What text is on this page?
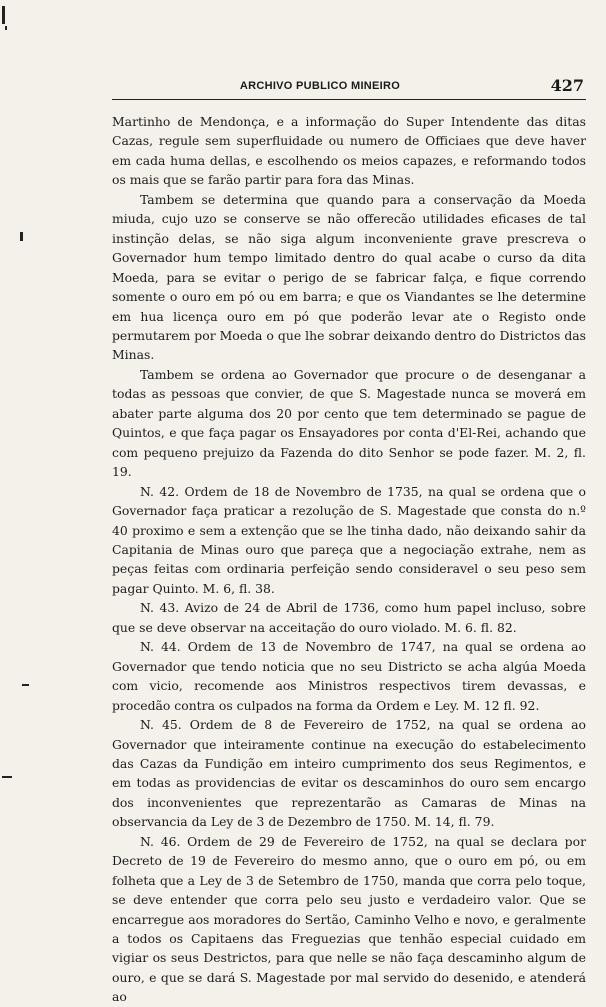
ARCHIVO PUBLICO MINEIRO	427

Martinho de Mendonça, e a informação do Super Intendente das ditas Cazas, regule sem superfluidade ou numero de Officiaes que deve haver em cada huma dellas, e escolhendo os meios capazes, e reformando todos os mais que se farão partir para fora das Minas.

Tambem se determina que quando para a conservação da Moeda miuda, cujo uzo se conserve se não offerecão utilidades eficases de tal instinção delas, se não siga algum inconveniente grave prescreva o Governador hum tempo limitado dentro do qual acabe o curso da dita Moeda, para se evitar o perigo de se fabricar falça, e fique correndo somente o ouro em pó ou em barra; e que os Viandantes se lhe determine em hua licença ouro em pó que poderão levar ate o Registo onde permutarem por Moeda o que lhe sobrar deixando dentro do Districtos das Minas.

Tambem se ordena ao Governador que procure o de desenganar a todas as pessoas que convier, de que S. Magestade nunca se moverá em abater parte alguma dos 20 por cento que tem determinado se pague de Quintos, e que faça pagar os Ensayadores por conta d'El-Rei, achando que com pequeno prejuizo da Fazenda do dito Senhor se pode fazer. M. 2, fl. 19.

N. 42. Ordem de 18 de Novembro de 1735, na qual se ordena que o Governador faça praticar a rezolução de S. Magestade que consta do n.º 40 proximo e sem a extenção que se lhe tinha dado, não deixando sahir da Capitania de Minas ouro que pareça que a negociação extrahe, nem as peças feitas com ordinaria perfeição sendo consideravel o seu peso sem pagar Quinto. M. 6, fl. 38.

N. 43. Avizo de 24 de Abril de 1736, como hum papel incluso, sobre que se deve observar na acceitação do ouro violado. M. 6. fl. 82.

N. 44. Ordem de 13 de Novembro de 1747, na qual se ordena ao Governador que tendo noticia que no seu Districto se acha algúa Moeda com vicio, recomende aos Ministros respectivos tirem devassas, e procedão contra os culpados na forma da Ordem e Ley. M. 12 fl. 92.

N. 45. Ordem de 8 de Fevereiro de 1752, na qual se ordena ao Governador que inteiramente continue na execução do estabelecimento das Cazas da Fundição em inteiro cumprimento dos seus Regimentos, e em todas as providencias de evitar os descaminhos do ouro sem encargo dos inconvenientes que reprezentarão as Camaras de Minas na observancia da Ley de 3 de Dezembro de 1750. M. 14, fl. 79.

N. 46. Ordem de 29 de Fevereiro de 1752, na qual se declara por Decreto de 19 de Fevereiro do mesmo anno, que o ouro em pó, ou em folheta que a Ley de 3 de Setembro de 1750, manda que corra pelo toque, se deve entender que corra pelo seu justo e verdadeiro valor. Que se encarregue aos moradores do Sertão, Caminho Velho e novo, e geralmente a todos os Capitaens das Freguezias que tenhão especial cuidado em vigiar os seus Destrictos, para que nelle se não faça descaminho algum de ouro, e que se dará S. Magestade por mal servido do desenido, e atenderá ao
